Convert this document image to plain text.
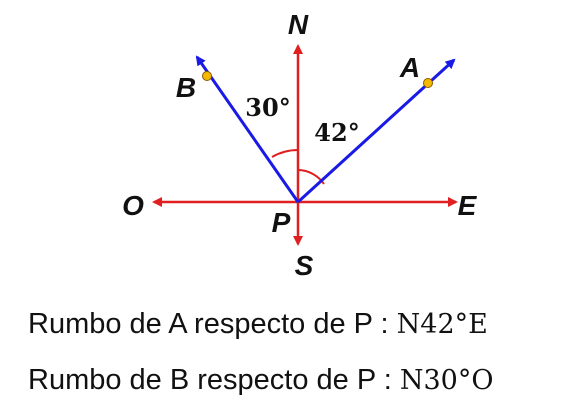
N
S
E
O
P
A
B
30°
42°
Rumbo de A respecto de P : N42°E
Rumbo de B respecto de P : N30°O
